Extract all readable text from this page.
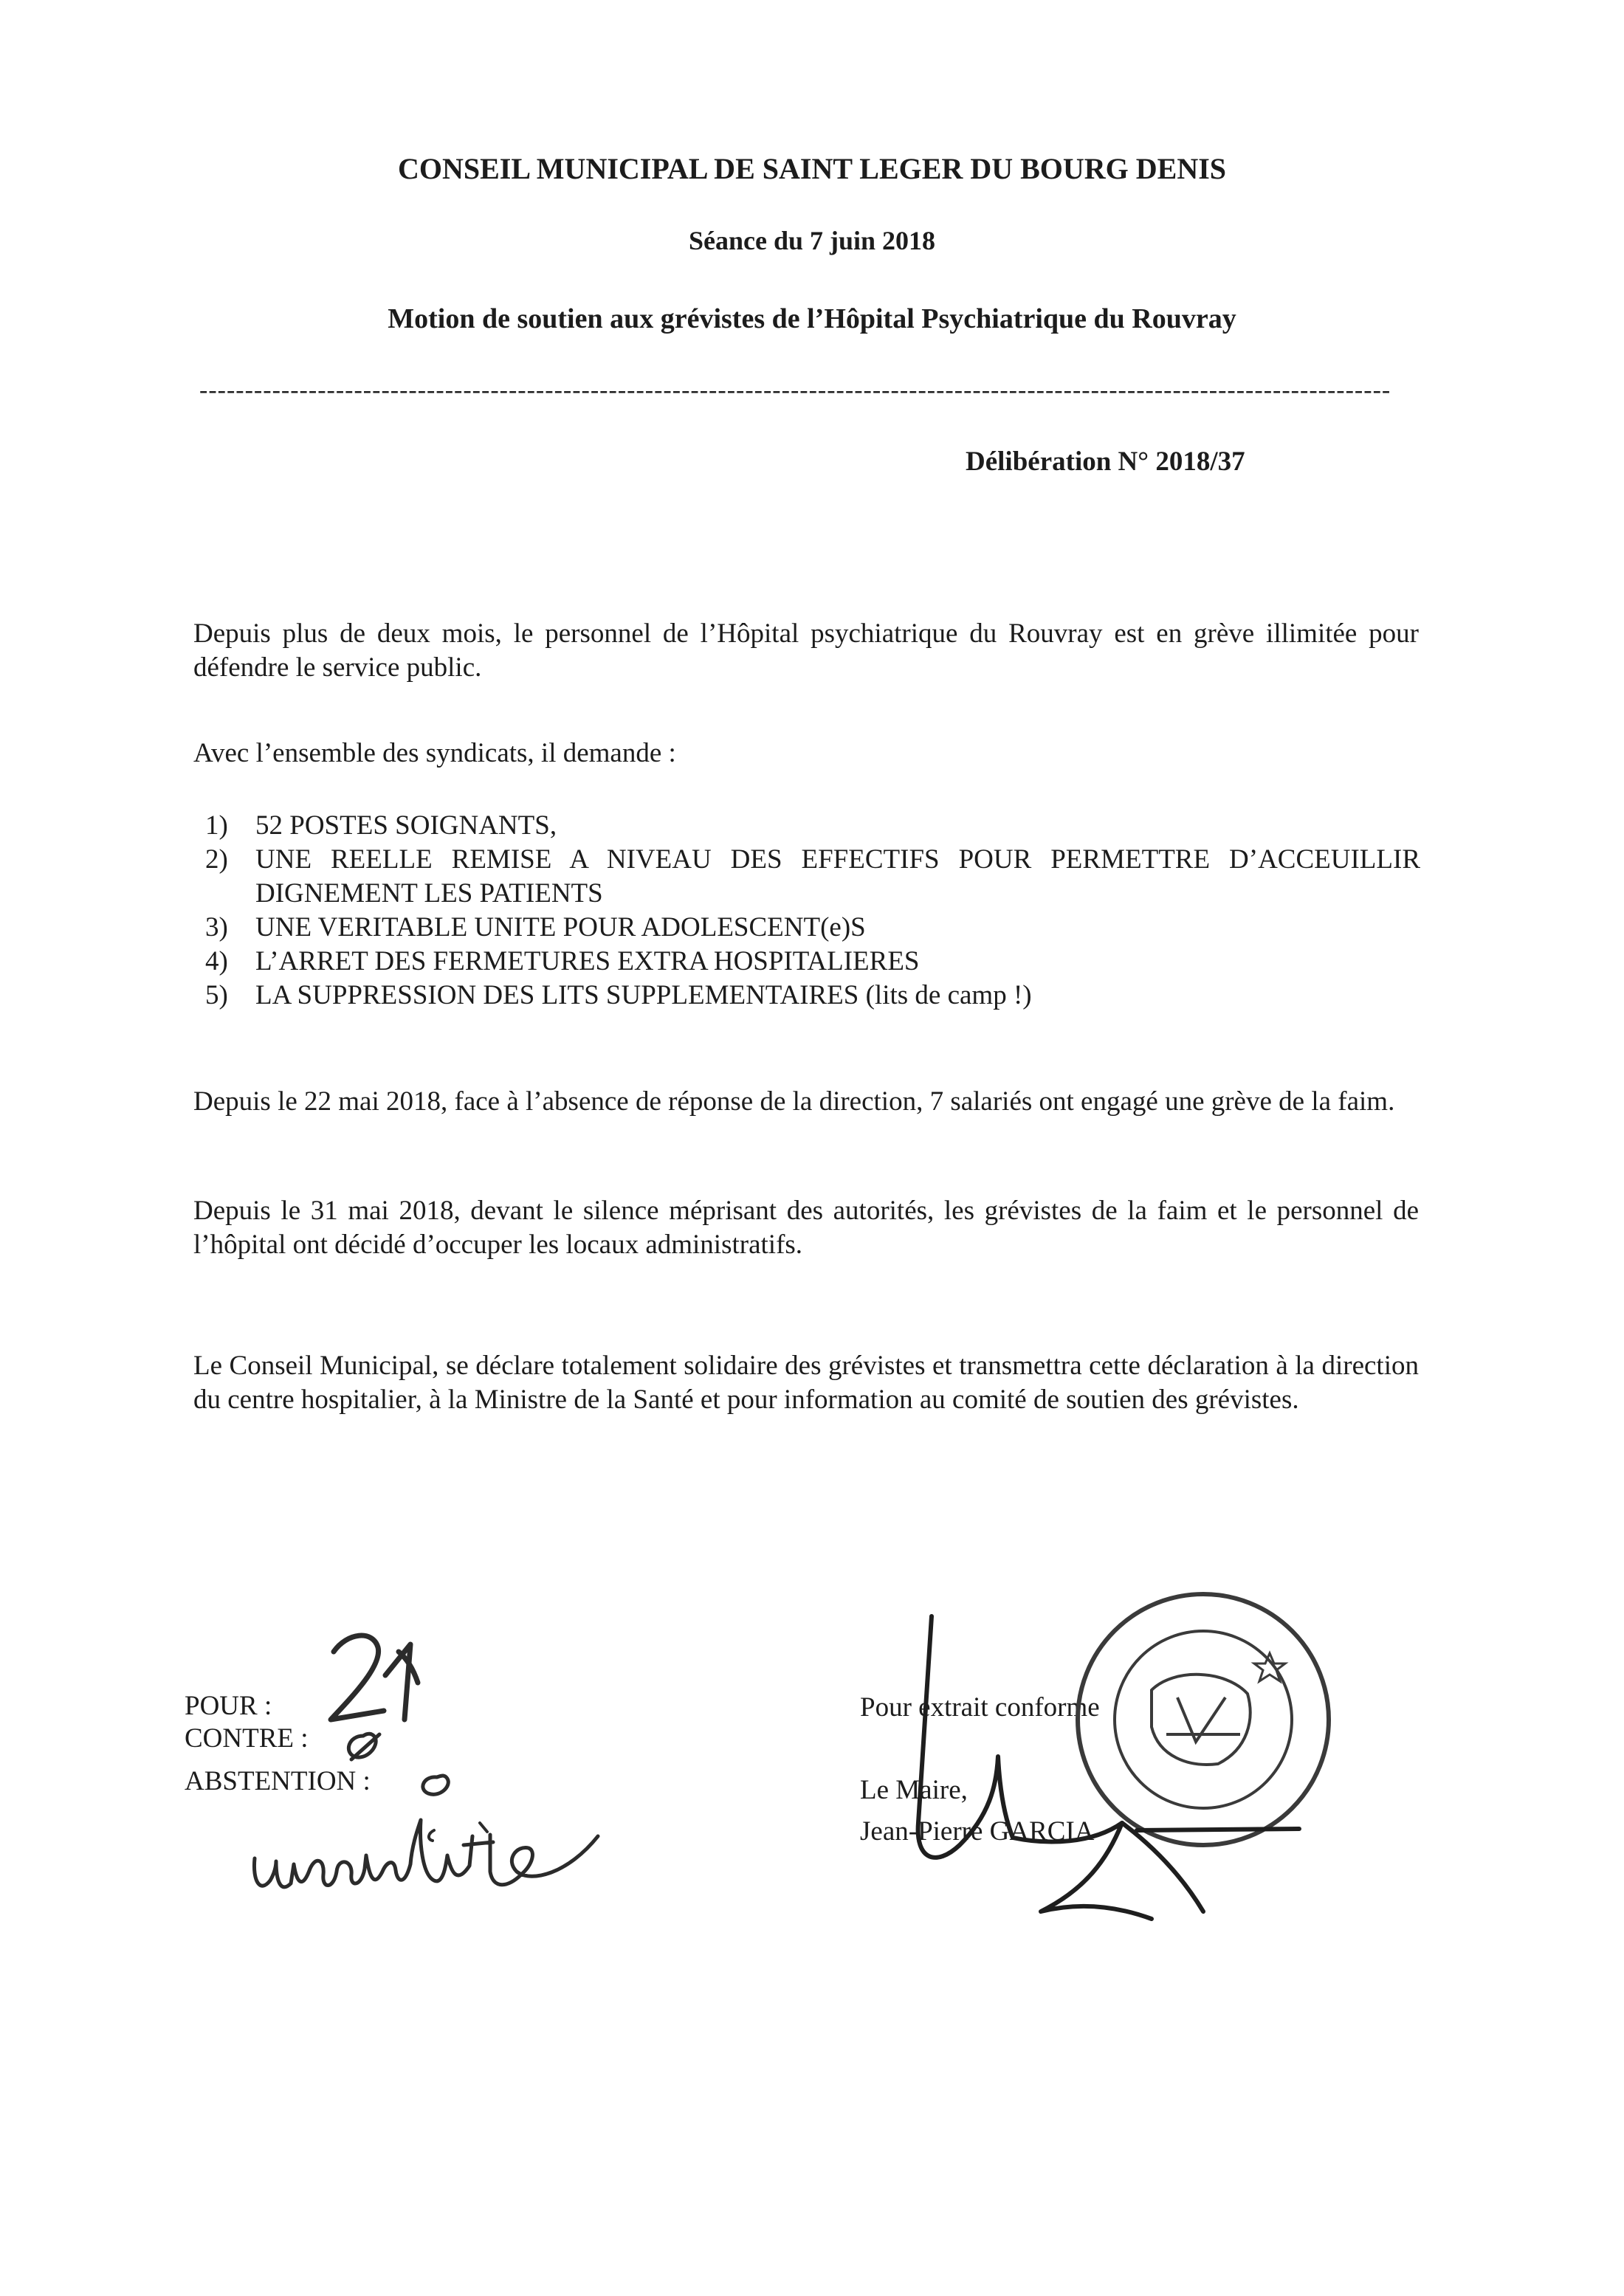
CONSEIL MUNICIPAL DE SAINT LEGER DU BOURG DENIS
Séance du 7 juin 2018
Motion de soutien aux grévistes de l’Hôpital Psychiatrique du Rouvray
-----------------------------------------------------------------------------------------------------------------------------------
Délibération N° 2018/37
Depuis plus de deux mois, le personnel de l’Hôpital psychiatrique du Rouvray est en grève illimitée pour défendre le service public.
Avec l’ensemble des syndicats, il demande :
1)	52 POSTES SOIGNANTS,
2)	UNE REELLE REMISE A NIVEAU DES EFFECTIFS POUR PERMETTRE D’ACCEUILLIR DIGNEMENT LES PATIENTS
3)	UNE VERITABLE UNITE POUR ADOLESCENT(e)S
4)	L’ARRET DES FERMETURES EXTRA HOSPITALIERES
5)	LA SUPPRESSION DES LITS SUPPLEMENTAIRES (lits de camp !)
Depuis le 22 mai 2018, face à l’absence de réponse de la direction, 7 salariés ont engagé une grève de la faim.
Depuis le 31 mai 2018, devant le silence méprisant des autorités, les grévistes de la faim et le personnel de l’hôpital ont décidé d’occuper les locaux administratifs.
Le Conseil Municipal, se déclare totalement solidaire des grévistes et transmettra cette déclaration à la direction du centre hospitalier, à la Ministre de la Santé et pour information au comité de soutien des grévistes.
POUR :
CONTRE :
ABSTENTION :
Pour extrait conforme
Le Maire,
Jean-Pierre GARCIA
